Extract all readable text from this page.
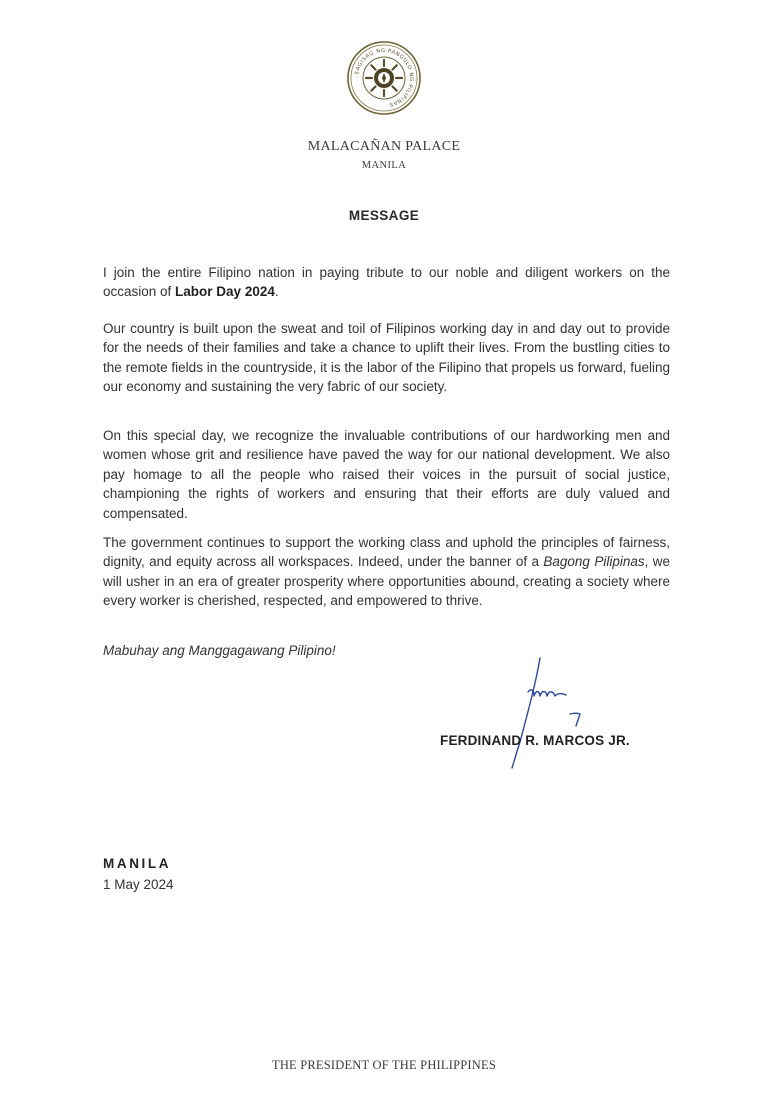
SAGISAG NG PANGULO NG PILIPINAS
MALACAÑAN PALACE
MANILA
MESSAGE

I join the entire Filipino nation in paying tribute to our noble and diligent workers on the occasion of Labor Day 2024.

Our country is built upon the sweat and toil of Filipinos working day in and day out to provide for the needs of their families and take a chance to uplift their lives. From the bustling cities to the remote fields in the countryside, it is the labor of the Filipino that propels us forward, fueling our economy and sustaining the very fabric of our society.

On this special day, we recognize the invaluable contributions of our hardworking men and women whose grit and resilience have paved the way for our national development. We also pay homage to all the people who raised their voices in the pursuit of social justice, championing the rights of workers and ensuring that their efforts are duly valued and compensated.

The government continues to support the working class and uphold the principles of fairness, dignity, and equity across all workspaces. Indeed, under the banner of a Bagong Pilipinas, we will usher in an era of greater prosperity where opportunities abound, creating a society where every worker is cherished, respected, and empowered to thrive.

Mabuhay ang Manggagawang Pilipino!

FERDINAND R. MARCOS JR.
MANILA
1 May 2024
THE PRESIDENT OF THE PHILIPPINES
